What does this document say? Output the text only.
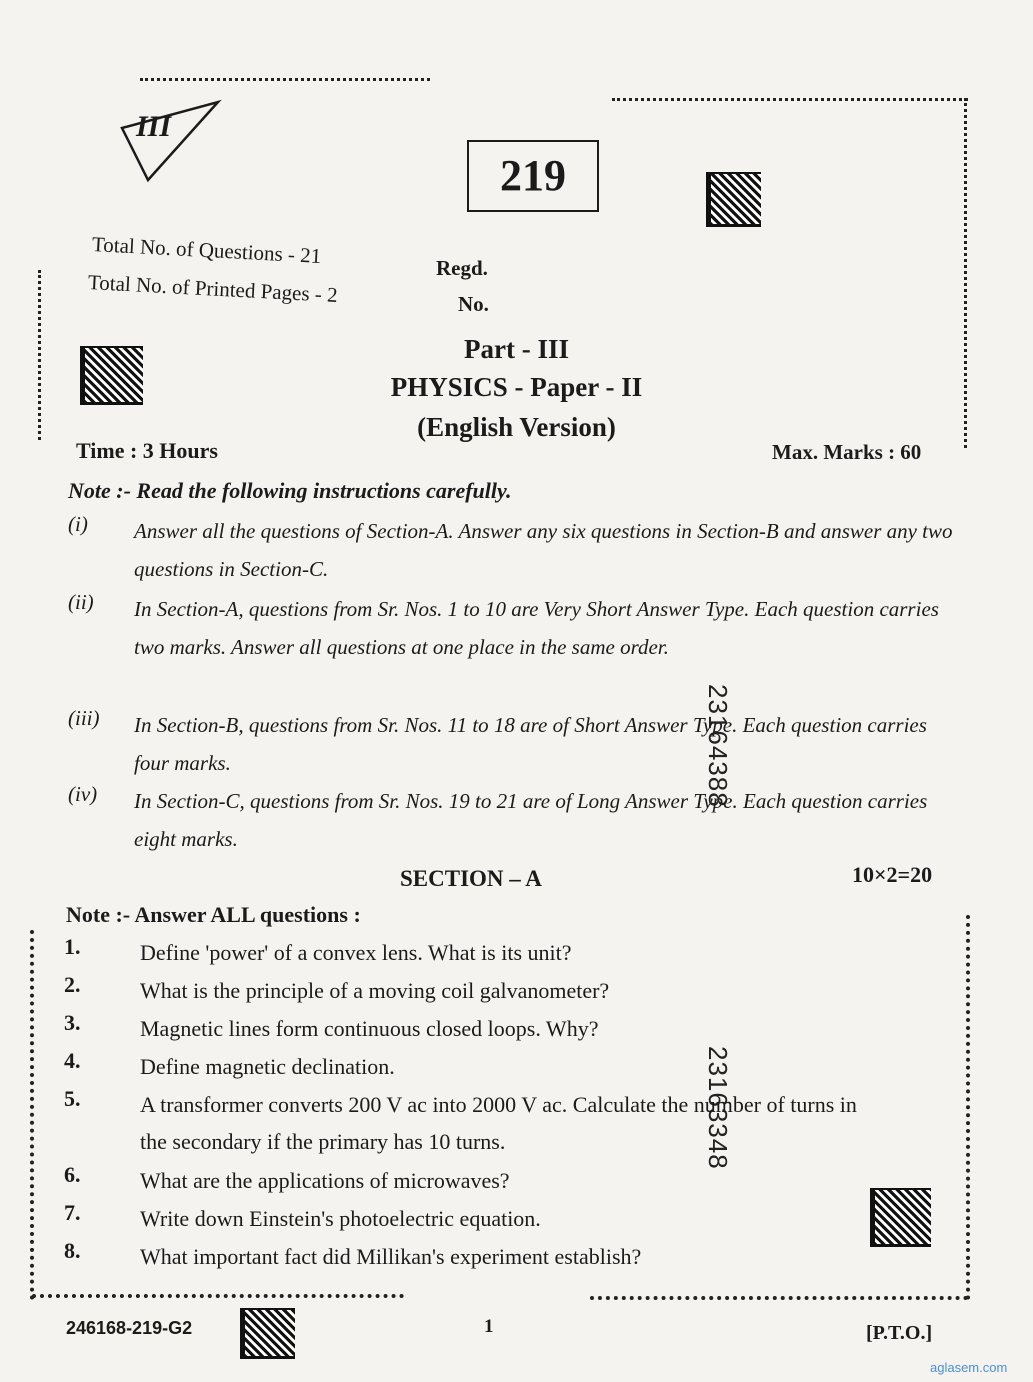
III
219
Total No. of Questions - 21
Total No. of Printed Pages - 2
Regd.
No.
Part - III
PHYSICS - Paper - II
(English Version)
Time : 3 Hours	Max. Marks : 60
Note :- Read the following instructions carefully.
(i)	Answer all the questions of Section-A. Answer any six questions in Section-B and answer any two questions in Section-C.
(ii)	In Section-A, questions from Sr. Nos. 1 to 10 are Very Short Answer Type. Each question carries two marks. Answer all questions at one place in the same order.
(iii)	In Section-B, questions from Sr. Nos. 11 to 18 are of Short Answer Type. Each question carries four marks.
(iv)	In Section-C, questions from Sr. Nos. 19 to 21 are of Long Answer Type. Each question carries eight marks.
23164388
23163348
SECTION – A	10×2=20
Note :- Answer ALL questions :
1.	Define 'power' of a convex lens. What is its unit?
2.	What is the principle of a moving coil galvanometer?
3.	Magnetic lines form continuous closed loops. Why?
4.	Define magnetic declination.
5.	A transformer converts 200 V ac into 2000 V ac. Calculate the number of turns in the secondary if the primary has 10 turns.
6.	What are the applications of microwaves?
7.	Write down Einstein's photoelectric equation.
8.	What important fact did Millikan's experiment establish?
246168-219-G2	1	[P.T.O.]
aglasem.com
